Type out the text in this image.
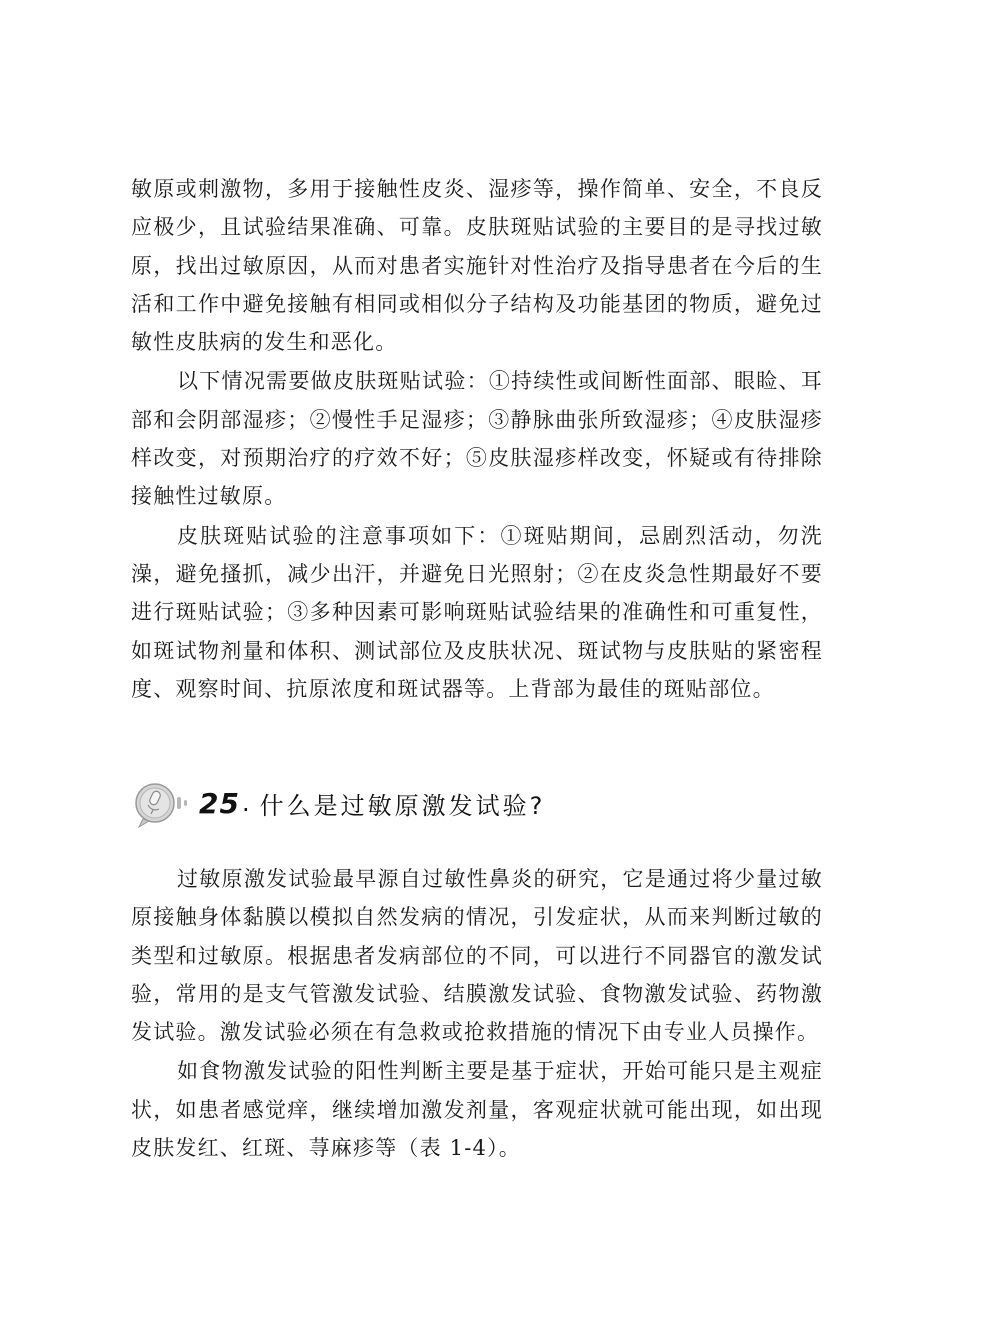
敏原或刺激物，多用于接触性皮炎、湿疹等，操作简单、安全，不良反应极少，且试验结果准确、可靠。皮肤斑贴试验的主要目的是寻找过敏原，找出过敏原因，从而对患者实施针对性治疗及指导患者在今后的生活和工作中避免接触有相同或相似分子结构及功能基团的物质，避免过敏性皮肤病的发生和恶化。

以下情况需要做皮肤斑贴试验：①持续性或间断性面部、眼睑、耳部和会阴部湿疹；②慢性手足湿疹；③静脉曲张所致湿疹；④皮肤湿疹样改变，对预期治疗的疗效不好；⑤皮肤湿疹样改变，怀疑或有待排除接触性过敏原。

皮肤斑贴试验的注意事项如下：①斑贴期间，忌剧烈活动，勿洗澡，避免搔抓，减少出汗，并避免日光照射；②在皮炎急性期最好不要进行斑贴试验；③多种因素可影响斑贴试验结果的准确性和可重复性，如斑试物剂量和体积、测试部位及皮肤状况、斑试物与皮肤贴的紧密程度、观察时间、抗原浓度和斑试器等。上背部为最佳的斑贴部位。

25 . 什么是过敏原激发试验?

过敏原激发试验最早源自过敏性鼻炎的研究，它是通过将少量过敏原接触身体黏膜以模拟自然发病的情况，引发症状，从而来判断过敏的类型和过敏原。根据患者发病部位的不同，可以进行不同器官的激发试验，常用的是支气管激发试验、结膜激发试验、食物激发试验、药物激发试验。激发试验必须在有急救或抢救措施的情况下由专业人员操作。

如食物激发试验的阳性判断主要是基于症状，开始可能只是主观症状，如患者感觉痒，继续增加激发剂量，客观症状就可能出现，如出现皮肤发红、红斑、荨麻疹等（表 1-4）。
